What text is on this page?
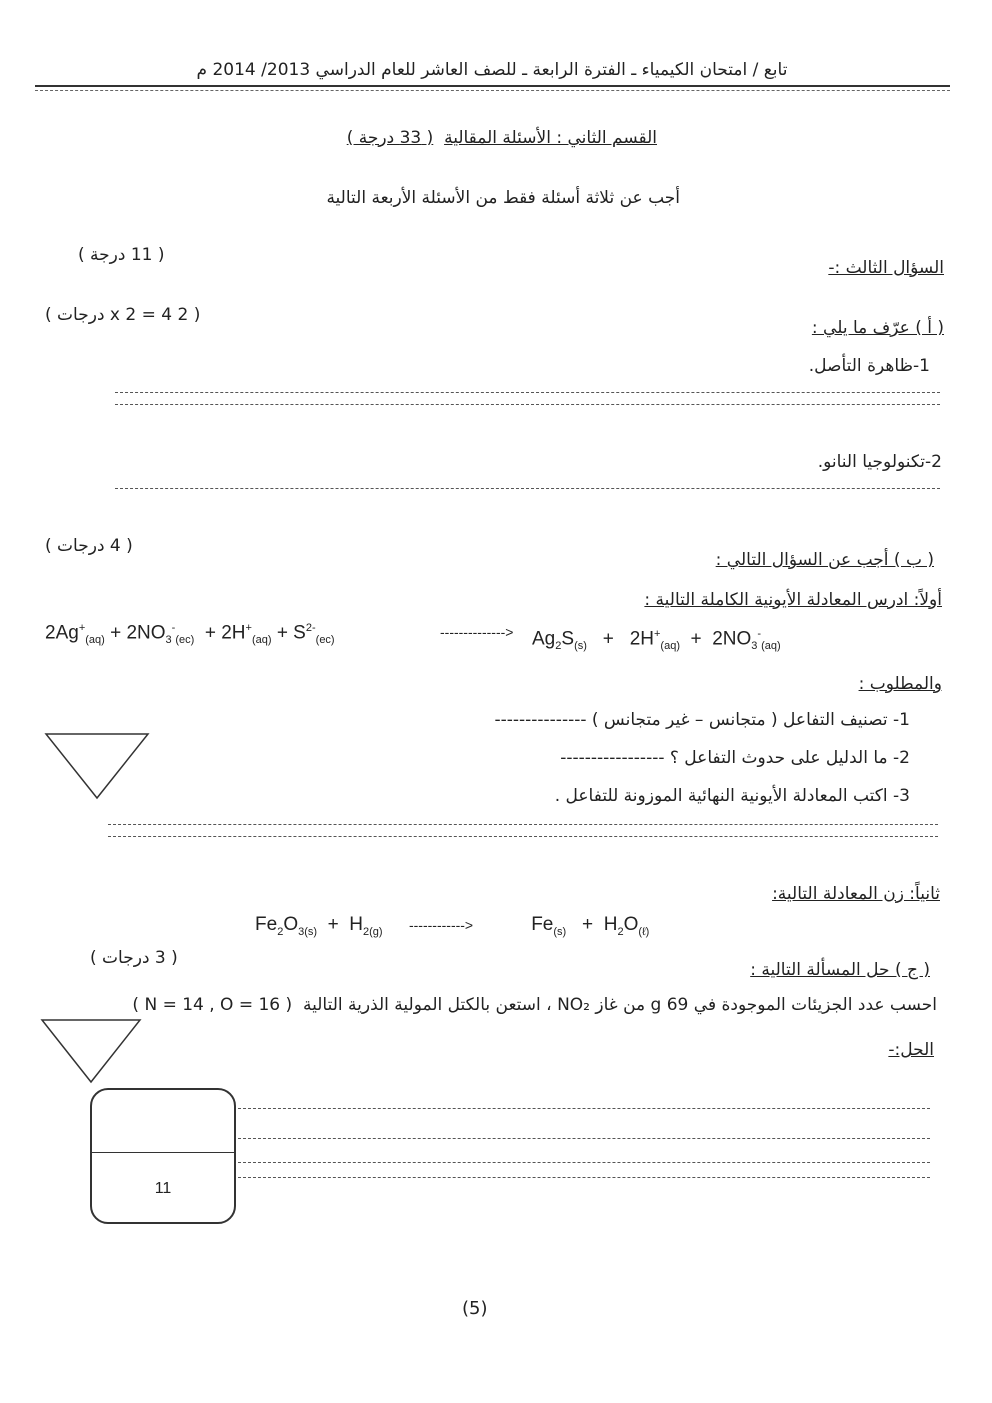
تابع / امتحان الكيمياء ـ الفترة الرابعة ـ للصف العاشر للعام الدراسي 2013/ 2014 م
القسم الثاني : الأسئلة المقالية  ( 33 درجة )
أجب عن ثلاثة أسئلة فقط من الأسئلة الأربعة التالية
السؤال الثالث :-
( 11 درجة )
( أ ) عرّف ما يلي :
( 2 x 2 = 4 درجات )
1-ظاهرة التأصل.
2-تكنولوجيا النانو.
( ب ) أجب عن السؤال التالي :
( 4 درجات )
أولاً: ادرس المعادلة الأيونية الكاملة التالية :
$2Ag^+_{(aq)} + 2NO_3^-_{(ec)} + 2H^+_{(aq)} + S^{2-}_{(ec)}$
--------------> $Ag_2S_{(s)} + 2H^+_{(aq)} + 2NO_3^-_{(aq)}$
والمطلوب :
1- تصنيف التفاعل ( متجانس – غير متجانس ) ---------------
2- ما الدليل على حدوث التفاعل ؟ -----------------
3- اكتب المعادلة الأيونية النهائية الموزونة للتفاعل .
ثانياً: زن المعادلة التالية:
$Fe_2O_{3(s)} + H_{2(g)}$ ------------>	$Fe_{(s)} + H_2O_{(\ell)}$
( ج ) حل المسألة التالية :
( 3 درجات )
احسب عدد الجزيئات الموجودة في 69 g من غاز NO₂ ، استعن بالكتل المولية الذرية التالية  ( N = 14 , O = 16 )
الحل:-
11
(5)
